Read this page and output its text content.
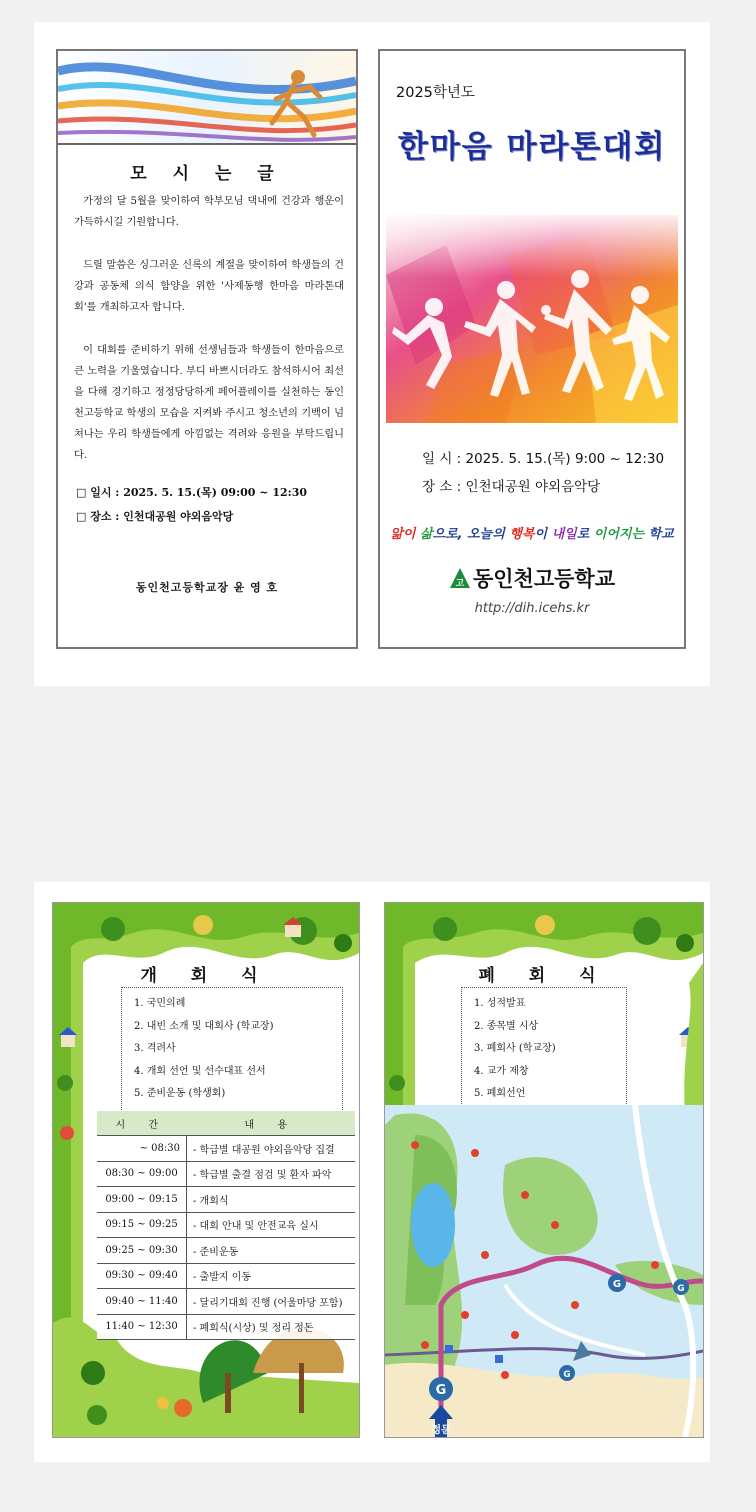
모 시 는 글

가정의 달 5월을 맞이하여 학부모님 댁내에 건강과 행운이 가득하시길 기원합니다.

드릴 말씀은 싱그러운 신록의 계절을 맞이하여 학생들의 건강과 공동체 의식 함양을 위한 '사제동행 한마음 마라톤대회'를 개최하고자 합니다.

이 대회를 준비하기 위해 선생님들과 학생들이 한마음으로 큰 노력을 기울였습니다. 부디 바쁘시더라도 참석하시어 최선을 다해 경기하고 정정당당하게 페어플레이를 실천하는 동인천고등학교 학생의 모습을 지켜봐 주시고 청소년의 기백이 넘쳐나는 우리 학생들에게 아낌없는 격려와 응원을 부탁드립니다.

□ 일시 : 2025. 5. 15.(목) 09:00 ~ 12:30
□ 장소 : 인천대공원 야외음악당
동인천고등학교장 윤 영 호
2025학년도
한마음 마라톤대회
일 시 : 2025. 5. 15.(목) 9:00 ~ 12:30
장 소 : 인천대공원 야외음악당
앎이 삶으로, 오늘의 행복이 내일로 이어지는 학교
고 동인천고등학교
http://dih.icehs.kr
개 회 식
1. 국민의례
2. 내빈 소개 및 대회사 (학교장)
3. 격려사
4. 개회 선언 및 선수대표 선서
5. 준비운동 (학생회)
시 간	내 용
~ 08:30	- 학급별 대공원 야외음악당 집결
08:30 ~ 09:00	- 학급별 출결 점검 및 환자 파악
09:00 ~ 09:15	- 개회식
09:15 ~ 09:25	- 대회 안내 및 안전교육 실시
09:25 ~ 09:30	- 준비운동
09:30 ~ 09:40	- 출발지 이동
09:40 ~ 11:40	- 달리기대회 진행 (어울마당 포함)
11:40 ~ 12:30	- 폐회식(시상) 및 정리 정돈
폐 회 식
1. 성적발표
2. 종목별 시상
3. 폐회사 (학교장)
4. 교가 제창
5. 폐회선언
G	G
G
G
정문
